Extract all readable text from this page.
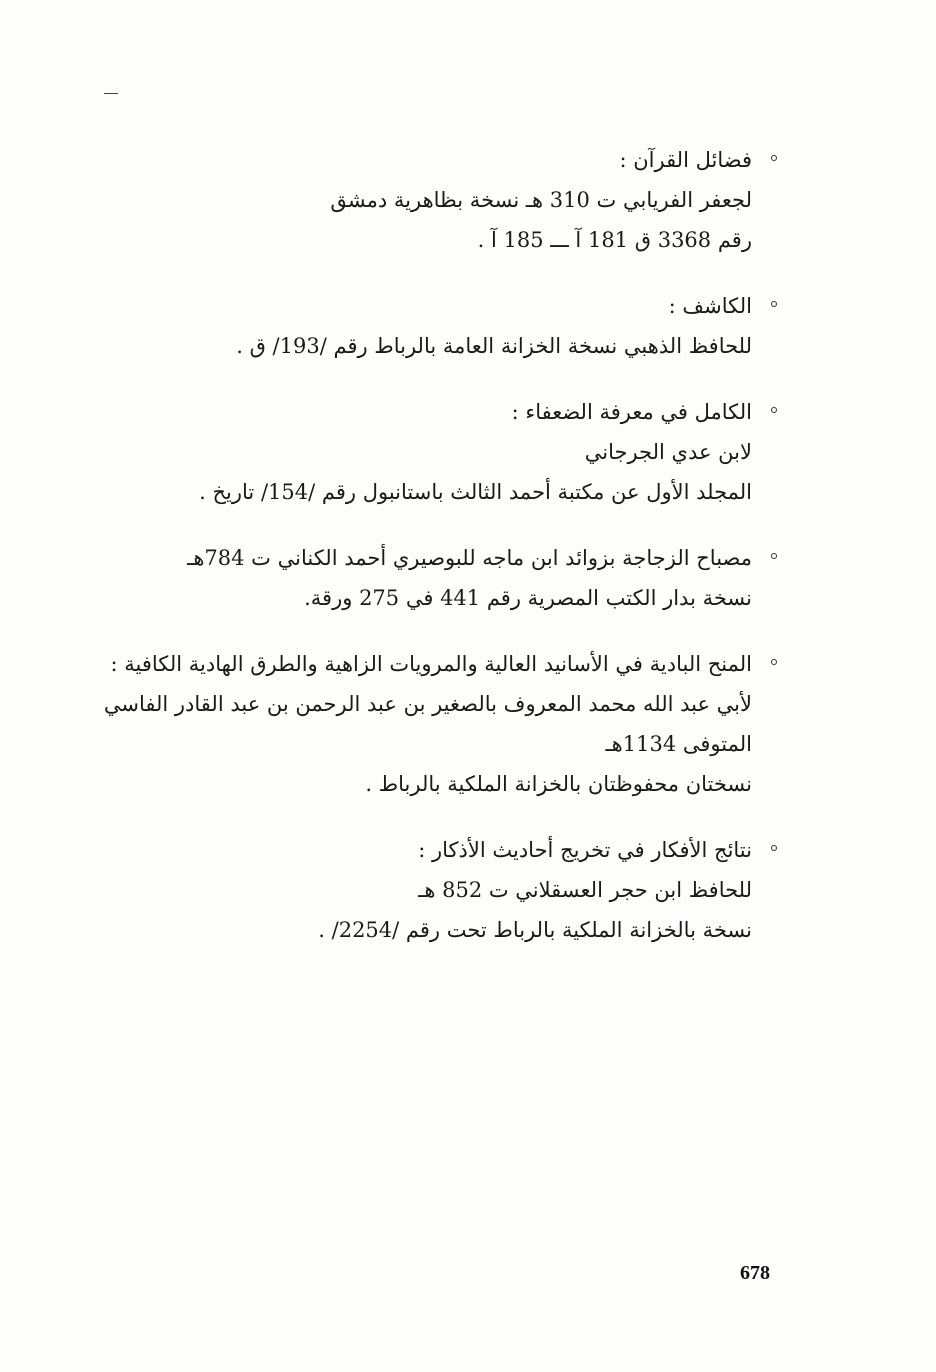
فضائل القرآن :
لجعفر الفريابي ت 310 هـ نسخة بظاهرية دمشق
رقم 3368 ق 181 آ ـــ 185 آ .
الكاشف :
للحافظ الذهبي نسخة الخزانة العامة بالرباط رقم /193/ ق .
الكامل في معرفة الضعفاء :
لابن عدي الجرجاني
المجلد الأول عن مكتبة أحمد الثالث باستانبول رقم /154/ تاريخ .
مصباح الزجاجة بزوائد ابن ماجه للبوصيري أحمد الكناني ت 784هـ
نسخة بدار الكتب المصرية رقم 441 في 275 ورقة.
المنح البادية في الأسانيد العالية والمرويات الزاهية والطرق الهادية الكافية :
لأبي عبد الله محمد المعروف بالصغير بن عبد الرحمن بن عبد القادر الفاسي
المتوفى 1134هـ
نسختان محفوظتان بالخزانة الملكية بالرباط .
نتائج الأفكار في تخريج أحاديث الأذكار :
للحافظ ابن حجر العسقلاني ت 852 هـ
نسخة بالخزانة الملكية بالرباط تحت رقم /2254/ .
678
